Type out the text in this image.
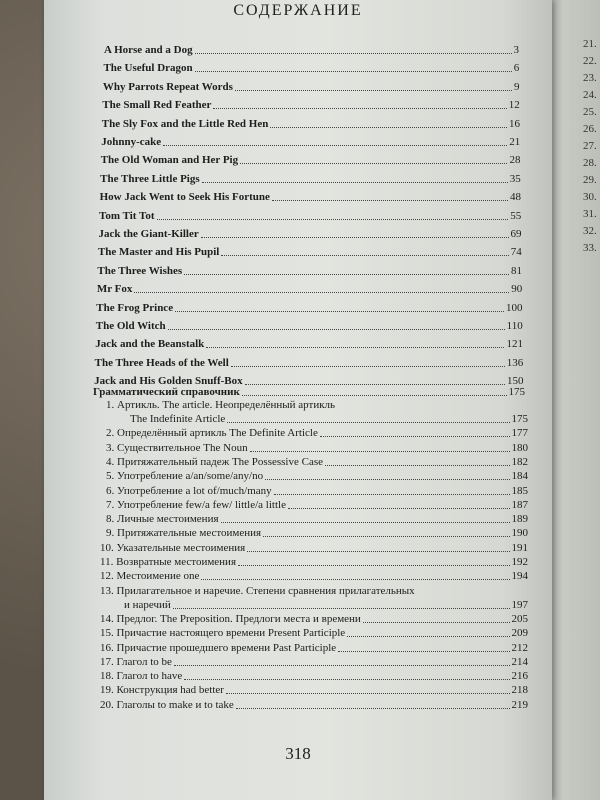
СОДЕРЖАНИЕ
A Horse and a Dog	3
The Useful Dragon	6
Why Parrots Repeat Words	9
The Small Red Feather	12
The Sly Fox and the Little Red Hen	16
Johnny-cake	21
The Old Woman and Her Pig	28
The Three Little Pigs	35
How Jack Went to Seek His Fortune	48
Tom Tit Tot	55
Jack the Giant-Killer	69
The Master and His Pupil	74
The Three Wishes	81
Mr Fox	90
The Frog Prince	100
The Old Witch	110
Jack and the Beanstalk	121
The Three Heads of the Well	136
Jack and His Golden Snuff-Box	150
Грамматический справочник	175
1. Артикль. The article. Неопределённый артикль
The Indefinite Article	175
2. Определённый артикль The Definite Article	177
3. Существительное The Noun	180
4. Притяжательный падеж The Possessive Case	182
5. Употребление a/an/some/any/no	184
6. Употребление a lot of/much/many	185
7. Употребление few/a few/ little/a little	187
8. Личные местоимения	189
9. Притяжательные местоимения	190
10. Указательные местоимения	191
11. Возвратные местоимения	192
12. Местоимение one	194
13. Прилагательное и наречие. Степени сравнения прилагательных
и наречий	197
14. Предлог. The Preposition. Предлоги места и времени	205
15. Причастие настоящего времени Present Participle	209
16. Причастие прошедшего времени Past Participle	212
17. Глагол to be	214
18. Глагол to have	216
19. Конструкция had better	218
20. Глаголы to make и to take	219
318
21.
22.
23.
24.
25.
26.
27.
28.
29.
30.
31.
32.
33.
